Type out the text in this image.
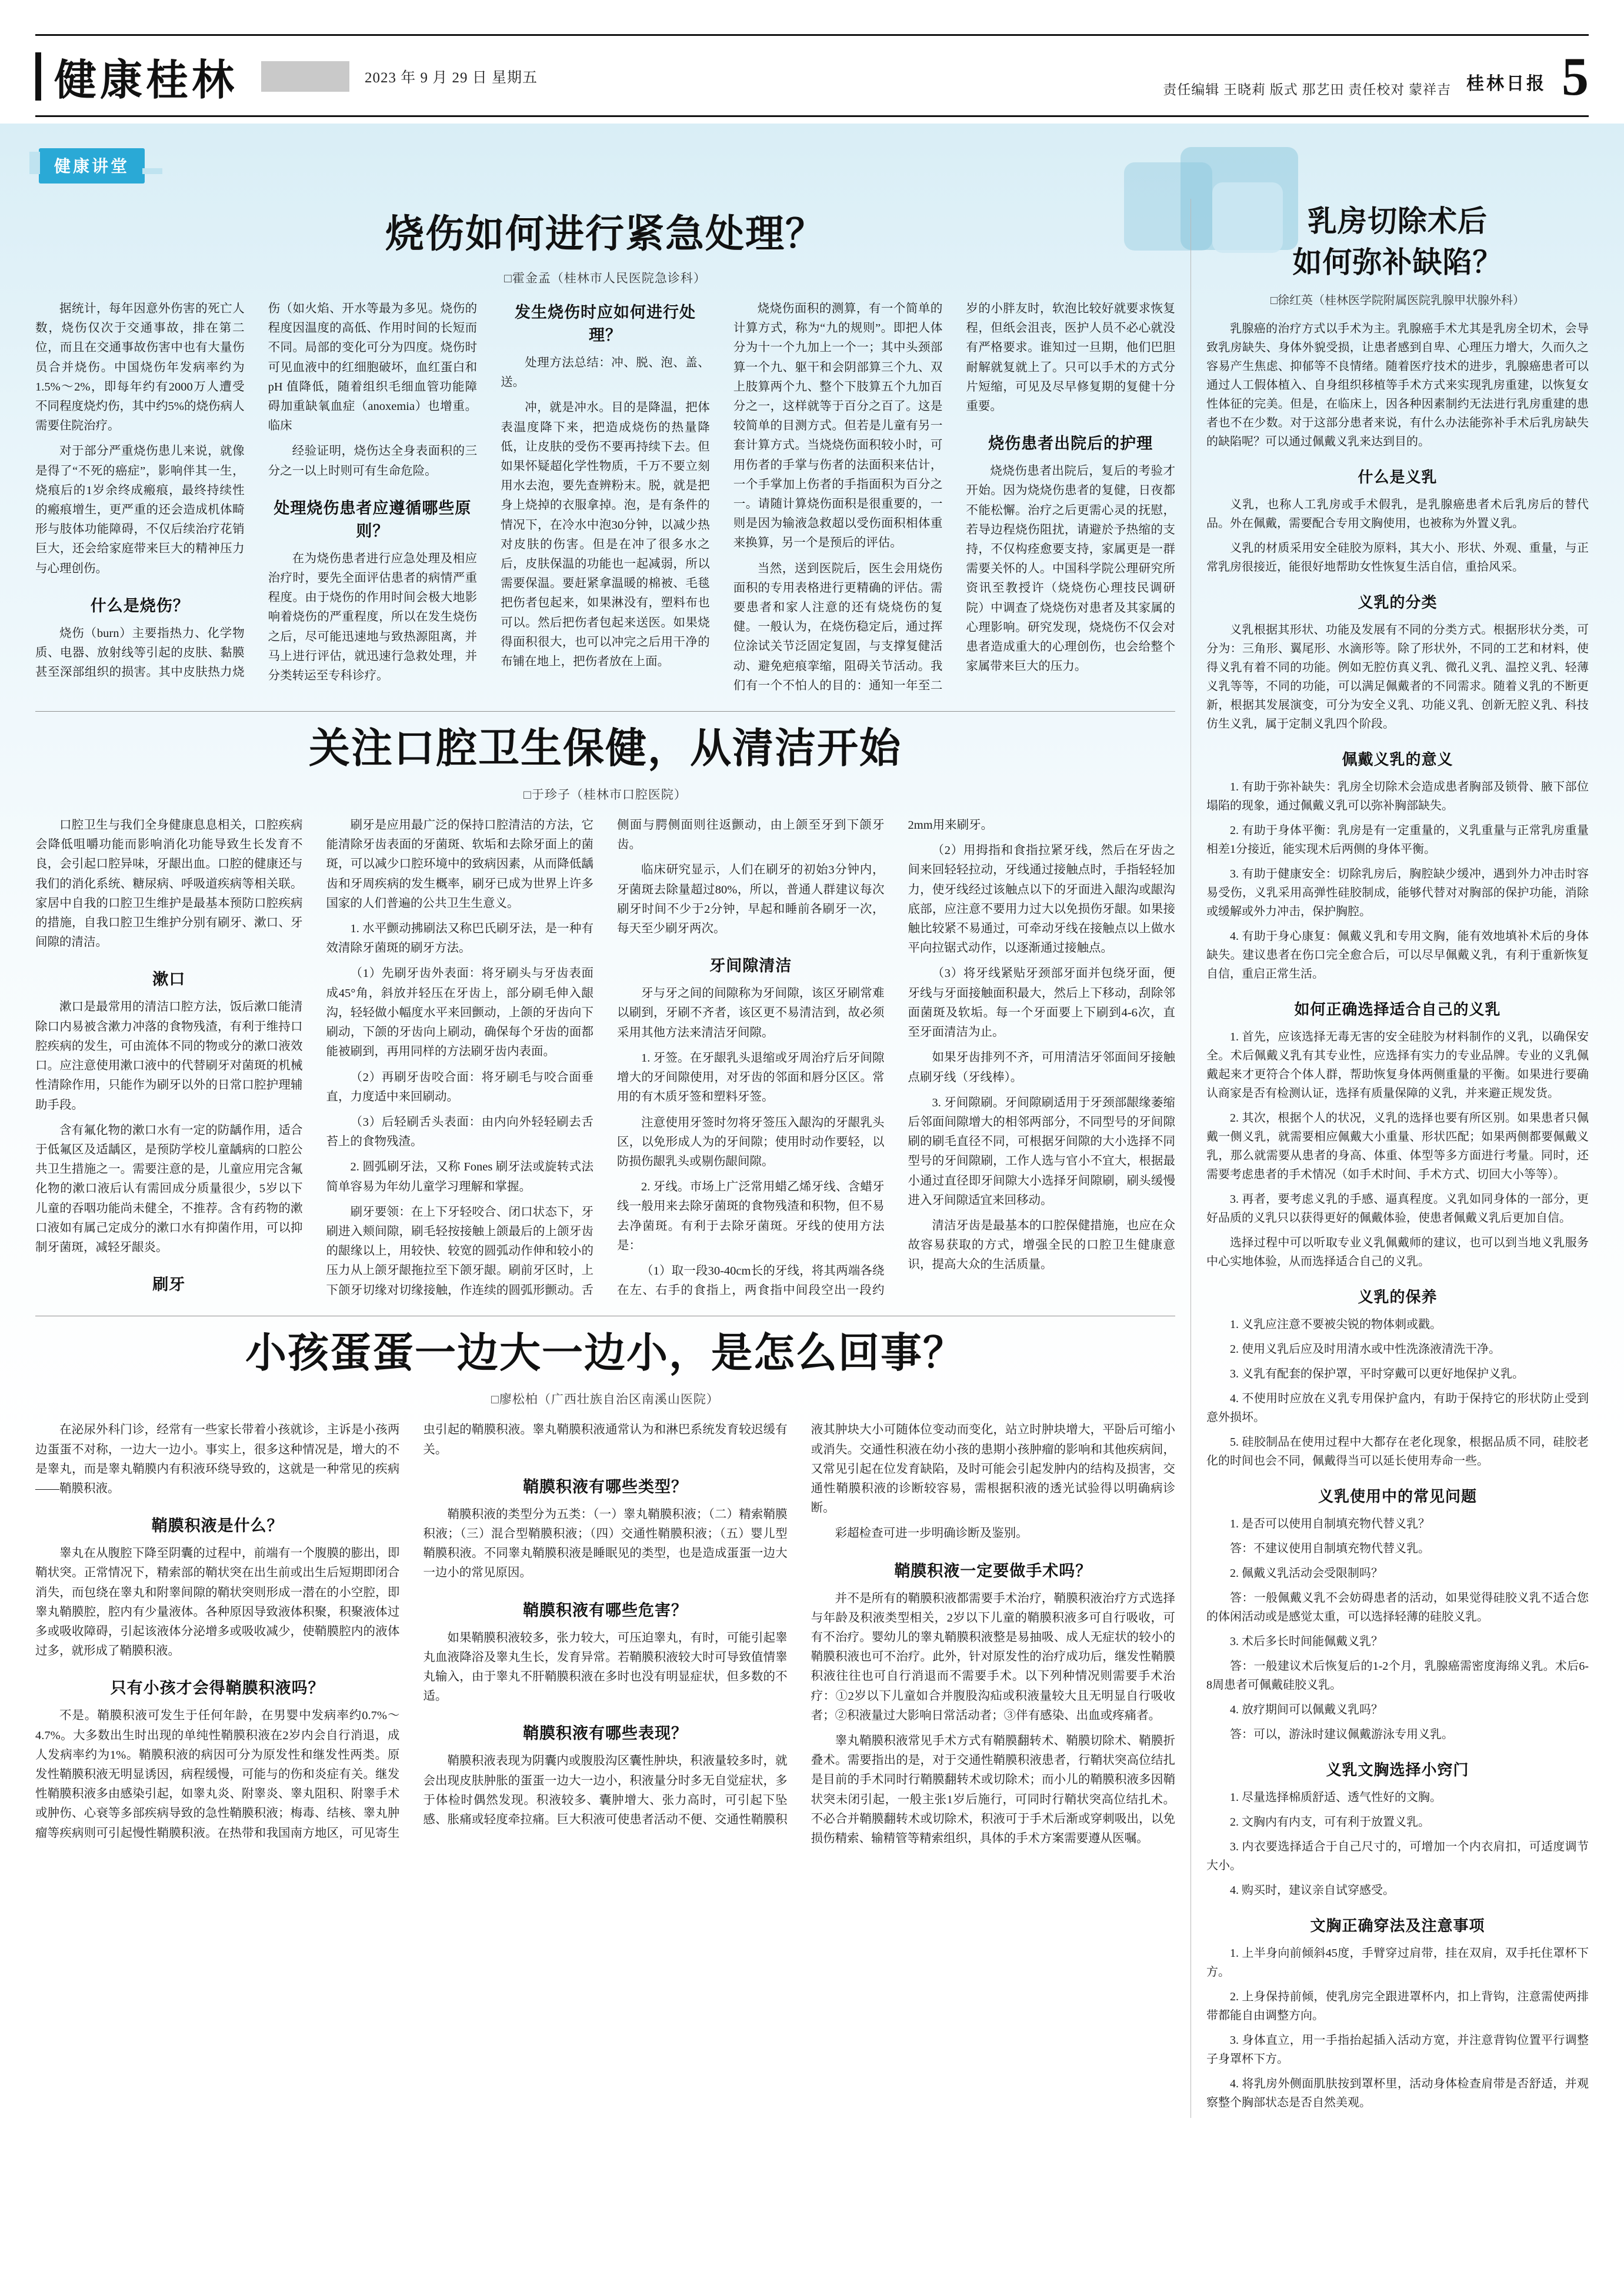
健康桂林	2023 年 9 月 29 日 星期五
责任编辑 王晓莉 版式 那艺田 责任校对 蒙祥吉 桂林日报 5
健康讲堂
烧伤如何进行紧急处理？
□霍金孟（桂林市人民医院急诊科）

据统计，每年因意外伤害的死亡人数，烧伤仅次于交通事故，排在第二位，而且在交通事故伤害中也有大量伤员合并烧伤。中国烧伤年发病率约为1.5%～2%，即每年约有2000万人遭受不同程度烧灼伤，其中约5%的烧伤病人需要住院治疗。

对于部分严重烧伤患儿来说，就像是得了“不死的癌症”，影响伴其一生，烧痕后的1岁余终成瘢痕，最终持续性的瘢痕增生，更严重的还会造成机体畸形与肢体功能障碍，不仅后续治疗花销巨大，还会给家庭带来巨大的精神压力与心理创伤。

什么是烧伤？

烧伤（burn）主要指热力、化学物质、电器、放射线等引起的皮肤、黏膜甚至深部组织的损害。其中皮肤热力烧伤（如火焰、开水等最为多见。烧伤的程度因温度的高低、作用时间的长短而不同。局部的变化可分为四度。烧伤时可见血液中的红细胞破坏，血红蛋白和 pH 值降低，随着组织毛细血管功能障碍加重缺氧血症（anoxemia）也增重。临床

经验证明，烧伤达全身表面积的三分之一以上时则可有生命危险。

处理烧伤患者应遵循哪些原则？

在为烧伤患者进行应急处理及相应治疗时，要先全面评估患者的病情严重程度。由于烧伤的作用时间会极大地影响着烧伤的严重程度，所以在发生烧伤之后，尽可能迅速地与致热源阻离，并马上进行评估，就迅速行急救处理，并分类转运至专科诊疗。

发生烧伤时应如何进行处理？

处理方法总结：冲、脱、泡、盖、送。

冲，就是冲水。目的是降温，把体表温度降下来，把造成烧伤的热量降低，让皮肤的受伤不要再持续下去。但如果怀疑超化学性物质，千万不要立刻用水去泡，要先查辨粉末。脱，就是把身上烧掉的衣服拿掉。泡，是有条件的情况下，在冷水中泡30分钟，以减少热对皮肤的伤害。但是在冲了很多水之后，皮肤保温的功能也一起减弱，所以需要保温。要赶紧拿温暖的棉被、毛毯把伤者包起来，如果淋没有，塑料布也可以。然后把伤者包起来送医。如果烧得面积很大，也可以冲完之后用干净的布铺在地上，把伤者放在上面。

烧烧伤面积的测算，有一个简单的计算方式，称为“九的规则”。即把人体分为十一个九加上一个一；其中头颈部算一个九、躯干和会阴部算三个九、双上肢算两个九、整个下肢算五个九加百分之一，这样就等于百分之百了。这是较简单的目测方式。但若是儿童有另一套计算方式。当烧烧伤面积较小时，可用伤者的手掌与伤者的法面积来估计，一个手掌加上伤者的手指面积为百分之一。请随计算烧伤面积是很重要的，一则是因为输液急救超以受伤面积相体重来换算，另一个是预后的评估。

当然，送到医院后，医生会用烧伤面积的专用表格进行更精确的评估。需要患者和家人注意的还有烧烧伤的复健。一般认为，在烧伤稳定后，通过挥位涂试关节泛固定复固，与支撑复健活动、避免疤痕挛缩，阻碍关节活动。我们有一个不怕人的目的：通知一年至二岁的小胖友时，软泡比较好就要求恢复程，但纸会沮丧，医护人员不必心就没有严格要求。谁知过一旦期，他们巴胆耐解就复就上了。只可以手术的方式分片短缩，可见及尽早修复期的复健十分重要。

烧伤患者出院后的护理

烧烧伤患者出院后，复后的考验才开始。因为烧烧伤患者的复健，日夜都不能松懈。治疗之后更需心灵的抚慰，若导边程烧伤阻扰，请避於予热缩的支持，不仅构痊愈要支持，家属更是一群需要关怀的人。中国科学院公理研究所资讯至教授许（烧烧伤心理技民调研院）中调查了烧烧伤对患者及其家属的心理影响。研究发现，烧烧伤不仅会对患者造成重大的心理创伤，也会给整个家属带来巨大的压力。

关注口腔卫生保健，从清洁开始
□于珍子（桂林市口腔医院）

口腔卫生与我们全身健康息息相关，口腔疾病会降低咀嚼功能而影响消化功能导致生长发育不良，会引起口腔异味，牙龈出血。口腔的健康还与我们的消化系统、糖尿病、呼吸道疾病等相关联。家居中自我的口腔卫生维护是最基本预防口腔疾病的措施，自我口腔卫生维护分别有刷牙、漱口、牙间隙的清洁。

漱口

漱口是最常用的清洁口腔方法，饭后漱口能清除口内易被含漱力冲落的食物残渣，有利于维持口腔疾病的发生，可由流体不同的物或分的漱口液效口。应注意使用漱口液中的代替刷牙对菌斑的机械性清除作用，只能作为刷牙以外的日常口腔护理辅助手段。

含有氟化物的漱口水有一定的防龋作用，适合于低氟区及适龋区，是预防学校儿童龋病的口腔公共卫生措施之一。需要注意的是，儿童应用完含氟化物的漱口液后认有需回成分质量很少，5岁以下儿童的吞咽功能尚未健全，不推荐。含有药物的漱口液如有属己定成分的漱口水有抑菌作用，可以抑制牙菌斑，减轻牙龈炎。

刷牙

刷牙是应用最广泛的保持口腔清洁的方法，它能清除牙齿表面的牙菌斑、软垢和去除牙面上的菌斑，可以减少口腔环境中的致病因素，从而降低龋齿和牙周疾病的发生概率，刷牙已成为世界上许多国家的人们普遍的公共卫生生意义。

1. 水平颤动拂刷法又称巴氏刷牙法，是一种有效清除牙菌斑的刷牙方法。

（1）先刷牙齿外表面：将牙刷头与牙齿表面成45°角，斜放并轻压在牙齿上，部分刷毛伸入龈沟，轻轻做小幅度水平来回颤动，上颌的牙齿向下刷动，下颌的牙齿向上刷动，确保每个牙齿的面都能被刷到，再用同样的方法刷牙齿内表面。

（2）再刷牙齿咬合面：将牙刷毛与咬合面垂直，力度适中来回刷动。

（3）后轻刷舌头表面：由内向外轻轻刷去舌苔上的食物残渣。

2. 圆弧刷牙法，又称 Fones 刷牙法或旋转式法简单容易为年幼儿童学习理解和掌握。

刷牙要领：在上下牙轻咬合、闭口状态下，牙刷进入颊间隙，刷毛轻按接触上颌最后的上颌牙齿的龈缘以上，用较快、较宽的圆弧动作伸和较小的压力从上颌牙龈拖拉至下颌牙龈。刷前牙区时，上下颌牙切缘对切缘接触，作连续的圆弧形颤动。舌侧面与腭侧面则往返颤动，由上颌至牙到下颌牙齿。

临床研究显示，人们在刷牙的初始3分钟内，牙菌斑去除量超过80%，所以，普通人群建议每次刷牙时间不少于2分钟，早起和睡前各刷牙一次，每天至少刷牙两次。

牙间隙清洁

牙与牙之间的间隙称为牙间隙，该区牙刷常难以刷到，牙刷不齐者，该区更不易清洁到，故必须采用其他方法来清洁牙间隙。

1. 牙签。在牙龈乳头退缩或牙周治疗后牙间隙增大的牙间隙使用，对牙齿的邻面和唇分区区。常用的有木质牙签和塑料牙签。

注意使用牙签时勿将牙签压入龈沟的牙龈乳头区，以免形成人为的牙间隙；使用时动作要轻，以防损伤龈乳头或剔伤龈间隙。

2. 牙线。市场上广泛常用蜡乙烯牙线、含蜡牙线一般用来去除牙菌斑的食物残渣和积物，但不易去净菌斑。有利于去除牙菌斑。牙线的使用方法是：

（1）取一段30-40cm长的牙线，将其两端各绕在左、右手的食指上，两食指中间段空出一段约2mm用来刷牙。

（2）用拇指和食指拉紧牙线，然后在牙齿之间来回轻轻拉动，牙线通过接触点时，手指轻轻加力，使牙线经过该触点以下的牙面进入龈沟或龈沟底部，应注意不要用力过大以免损伤牙龈。如果接触比较紧不易通过，可牵动牙线在接触点以上做水平向拉锯式动作，以逐渐通过接触点。

（3）将牙线紧贴牙颈部牙面并包绕牙面，便牙线与牙面接触面积最大，然后上下移动，刮除邻面菌斑及软垢。每一个牙面要上下刷到4-6次，直至牙面清洁为止。

如果牙齿排列不齐，可用清洁牙邻面间牙接触点刷牙线（牙线棒）。

3. 牙间隙刷。牙间隙刷适用于牙颈部龈缘萎缩后邻面间隙增大的相邻两部分，不同型号的牙间隙刷的刷毛直径不同，可根据牙间隙的大小选择不同型号的牙间隙刷，工作人选与官小不宜大，根据最小通过直径即牙间隙大小选择牙间隙刷，刷头缓慢进入牙间隙适宜来回移动。

清洁牙齿是最基本的口腔保健措施，也应在众故容易获取的方式，增强全民的口腔卫生健康意识，提高大众的生活质量。

小孩蛋蛋一边大一边小，是怎么回事？
□廖松柏（广西壮族自治区南溪山医院）

在泌尿外科门诊，经常有一些家长带着小孩就诊，主诉是小孩两边蛋蛋不对称，一边大一边小。事实上，很多这种情况是，增大的不是睾丸，而是睾丸鞘膜内有积液环绕导致的，这就是一种常见的疾病——鞘膜积液。

鞘膜积液是什么？

睾丸在从腹腔下降至阴囊的过程中，前端有一个腹膜的膨出，即鞘状突。正常情况下，精索部的鞘状突在出生前或出生后短期即闭合消失，而包绕在睾丸和附睾间隙的鞘状突则形成一潜在的小空腔，即睾丸鞘膜腔，腔内有少量液体。各种原因导致液体积聚，积聚液体过多或吸收障碍，引起该液体分泌增多或吸收减少，使鞘膜腔内的液体过多，就形成了鞘膜积液。

只有小孩才会得鞘膜积液吗？

不是。鞘膜积液可发生于任何年龄，在男婴中发病率约0.7%～4.7%。大多数出生时出现的单纯性鞘膜积液在2岁内会自行消退，成人发病率约为1%。鞘膜积液的病因可分为原发性和继发性两类。原发性鞘膜积液无明显诱因，病程缓慢，可能与的伤和炎症有关。继发性鞘膜积液多由感染引起，如睾丸炎、附睾炎、睾丸阻积、附睾手术或肿伤、心衰等多部疾病导致的急性鞘膜积液；梅毒、结核、睾丸肿瘤等疾病则可引起慢性鞘膜积液。在热带和我国南方地区，可见寄生虫引起的鞘膜积液。睾丸鞘膜积液通常认为和淋巴系统发育较迟缓有关。

鞘膜积液有哪些类型？

鞘膜积液的类型分为五类：（一）睾丸鞘膜积液；（二）精索鞘膜积液；（三）混合型鞘膜积液；（四）交通性鞘膜积液；（五）婴儿型鞘膜积液。不同睾丸鞘膜积液是睡眠见的类型，也是造成蛋蛋一边大一边小的常见原因。

鞘膜积液有哪些危害？

如果鞘膜积液较多，张力较大，可压迫睾丸，有时，可能引起睾丸血液降浴及睾丸生长，发育异常。若鞘膜积液较大时可导致值情睾丸输入，由于睾丸不肝鞘膜积液在多时也没有明显症状，但多数的不适。

鞘膜积液有哪些表现？

鞘膜积液表现为阴囊内或腹股沟区囊性肿块，积液量较多时，就会出现皮肤肿胀的蛋蛋一边大一边小，积液量分时多无自觉症状，多于体检时偶然发现。积液较多、囊肿增大、张力高时，可引起下坠感、胀痛或轻度牵拉痛。巨大积液可使患者活动不便、交通性鞘膜积液其肿块大小可随体位变动而变化，站立时肿块增大，平卧后可缩小或消失。交通性积液在幼小孩的患期小孩肿瘤的影响和其他疾病间，又常见引起在位发育缺陷，及时可能会引起发肿内的结构及损害，交通性鞘膜积液的诊断较容易，需根据积液的透光试验得以明确病诊断。

彩超检查可进一步明确诊断及鉴别。

鞘膜积液一定要做手术吗？

并不是所有的鞘膜积液都需要手术治疗，鞘膜积液治疗方式选择与年龄及积液类型相关，2岁以下儿童的鞘膜积液多可自行吸收，可有不治疗。婴幼儿的睾丸鞘膜积液整是易抽吸、成人无症状的较小的鞘膜积液也可不治疗。此外，针对原发性的治疗成功后，继发性鞘膜积液往往也可自行消退而不需要手术。以下列种情况则需要手术治疗：①2岁以下儿童如合并腹股沟疝或积液量较大且无明显自行吸收者；②积液量过大影响日常活动者；③伴有感染、出血或疼痛者。

睾丸鞘膜积液常见手术方式有鞘膜翻转术、鞘膜切除术、鞘膜折叠术。需要指出的是，对于交通性鞘膜积液患者，行鞘状突高位结扎是目前的手术同时行鞘膜翻转术或切除术；而小儿的鞘膜积液多因鞘状突未闭引起，一般主张1岁后施行，可同时行鞘状突高位结扎术。不必合并鞘膜翻转术或切除术，积液可于手术后渐或穿刺吸出，以免损伤精索、输精管等精索组织，具体的手术方案需要遵从医嘱。

乳房切除术后
如何弥补缺陷？
□徐红英（桂林医学院附属医院乳腺甲状腺外科）

乳腺癌的治疗方式以手术为主。乳腺癌手术尤其是乳房全切术，会导致乳房缺失、身体外貌受损，让患者感到自卑、心理压力增大，久而久之容易产生焦虑、抑郁等不良情绪。随着医疗技术的进步，乳腺癌患者可以通过人工假体植入、自身组织移植等手术方式来实现乳房重建，以恢复女性体征的完美。但是，在临床上，因各种因素制约无法进行乳房重建的患者也不在少数。对于这部分患者来说，有什么办法能弥补手术后乳房缺失的缺陷呢？可以通过佩戴义乳来达到目的。

什么是义乳

义乳，也称人工乳房或手术假乳，是乳腺癌患者术后乳房后的替代品。外在佩戴，需要配合专用文胸使用，也被称为外置义乳。

义乳的材质采用安全硅胶为原料，其大小、形状、外观、重量，与正常乳房很接近，能很好地帮助女性恢复生活自信，重拾风采。

义乳的分类

义乳根据其形状、功能及发展有不同的分类方式。根据形状分类，可分为：三角形、翼尾形、水滴形等。除了形状外，不同的工艺和材料，使得义乳有着不同的功能。例如无腔仿真义乳、微孔义乳、温控义乳、轻薄义乳等等，不同的功能，可以满足佩戴者的不同需求。随着义乳的不断更新，根据其发展演变，可分为安全义乳、功能义乳、创新无腔义乳、科技仿生义乳，属于定制义乳四个阶段。

佩戴义乳的意义

1. 有助于弥补缺失：乳房全切除术会造成患者胸部及锁骨、腋下部位塌陷的现象，通过佩戴义乳可以弥补胸部缺失。

2. 有助于身体平衡：乳房是有一定重量的，义乳重量与正常乳房重量相差1分接近，能实现术后两侧的身体平衡。

3. 有助于健康安全：切除乳房后，胸腔缺少缓冲，遇到外力冲击时容易受伤，义乳采用高弹性硅胶制成，能够代替对对胸部的保护功能，消除或缓解或外力冲击，保护胸腔。

4. 有助于身心康复：佩戴义乳和专用文胸，能有效地填补术后的身体缺失。建议患者在伤口完全愈合后，可以尽早佩戴义乳，有利于重新恢复自信，重启正常生活。

如何正确选择适合自己的义乳

1. 首先，应该选择无毒无害的安全硅胶为材料制作的义乳，以确保安全。术后佩戴义乳有其专业性，应选择有实力的专业品牌。专业的义乳佩戴起来才更符合个体人群，帮助恢复身体两侧重量的平衡。如果进行要确认商家是否有检测认证，选择有质量保障的义乳，并来避正规发货。

2. 其次，根据个人的状况，义乳的选择也要有所区别。如果患者只佩戴一侧义乳，就需要相应佩戴大小重量、形状匹配；如果两侧都要佩戴义乳，那么就需要从患者的身高、体重、体型等多方面进行考量。同时，还需要考虑患者的手术情况（如手术时间、手术方式、切回大小等等）。

3. 再者，要考虑义乳的手感、逼真程度。义乳如同身体的一部分，更好品质的义乳只以获得更好的佩戴体验，使患者佩戴义乳后更加自信。

选择过程中可以听取专业义乳佩戴师的建议，也可以到当地义乳服务中心实地体验，从而选择适合自己的义乳。

义乳的保养

1. 义乳应注意不要被尖锐的物体刺或戳。

2. 使用义乳后应及时用清水或中性洗涤液清洗干净。

3. 义乳有配套的保护罩，平时穿戴可以更好地保护义乳。

4. 不使用时应放在义乳专用保护盒内，有助于保持它的形状防止受到意外损坏。

5. 硅胶制品在使用过程中大都存在老化现象，根据品质不同，硅胶老化的时间也会不同，佩戴得当可以延长使用寿命一些。

义乳使用中的常见问题

1. 是否可以使用自制填充物代替义乳？

答：不建议使用自制填充物代替义乳。

2. 佩戴义乳活动会受限制吗？

答：一般佩戴义乳不会妨碍患者的活动，如果觉得硅胶义乳不适合您的体闲活动或是感觉太重，可以选择轻薄的硅胶义乳。

3. 术后多长时间能佩戴义乳？

答：一般建议术后恢复后的1-2个月，乳腺癌需密度海绵义乳。术后6-8周患者可佩戴硅胶义乳。

4. 放疗期间可以佩戴义乳吗？

答：可以，游泳时建议佩戴游泳专用义乳。

义乳文胸选择小窍门

1. 尽量选择棉质舒适、透气性好的文胸。

2. 文胸内有内支，可有利于放置义乳。

3. 内衣要选择适合于自己尺寸的，可增加一个内衣肩扣，可适度调节大小。

4. 购买时，建议亲自试穿感受。

文胸正确穿法及注意事项

1. 上半身向前倾斜45度，手臂穿过肩带，挂在双肩，双手托住罩杯下方。

2. 上身保持前倾，使乳房完全跟进罩杯内，扣上背钩，注意需使两排带都能自由调整方向。

3. 身体直立，用一手指抬起插入活动方宽，并注意背钩位置平行调整子身罩杯下方。

4. 将乳房外侧面肌肤按到罩杯里，活动身体检查肩带是否舒适，并观察整个胸部状态是否自然美观。
